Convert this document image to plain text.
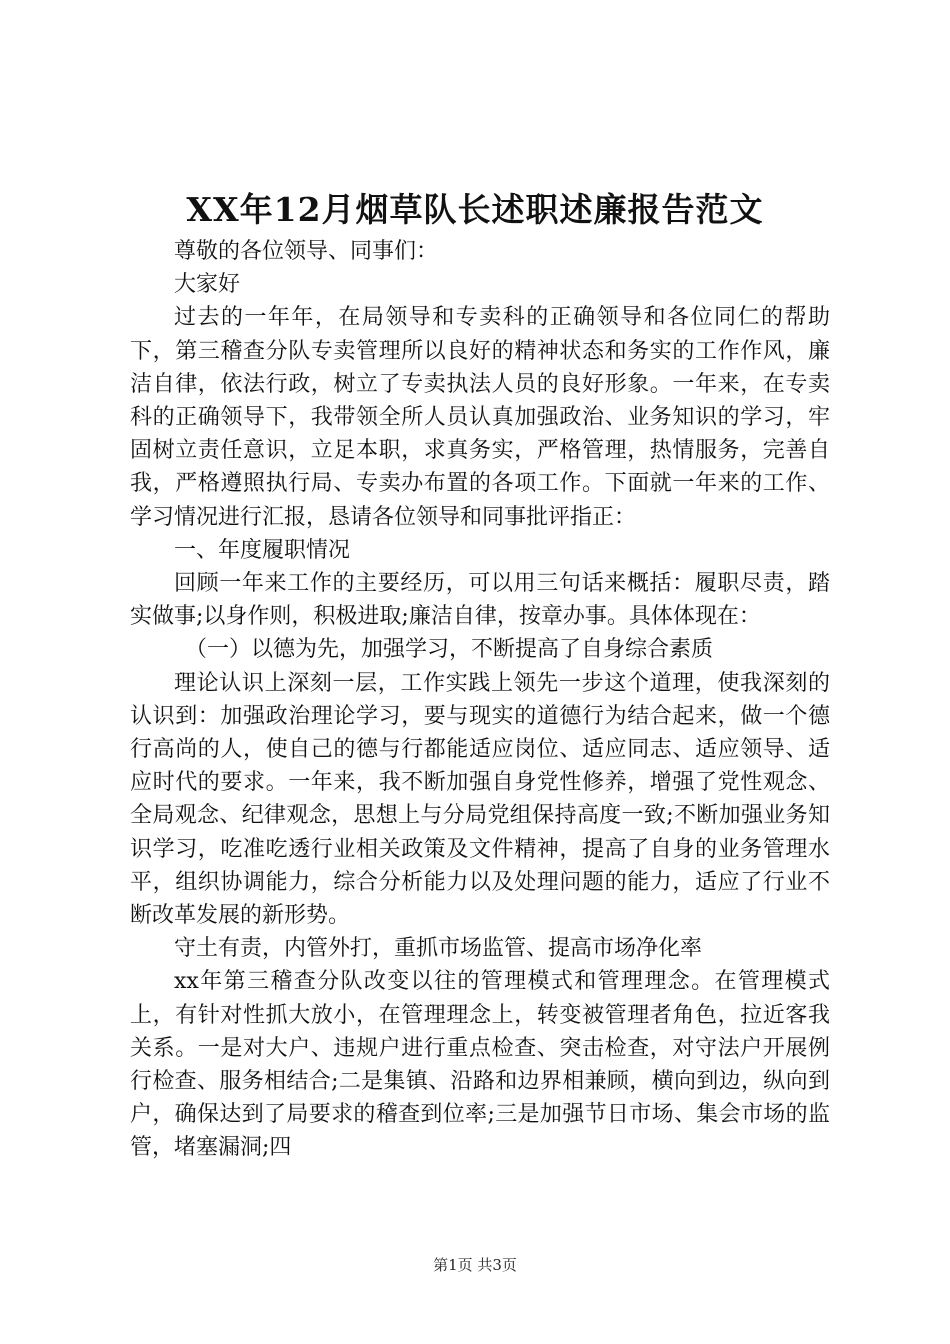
XX年12月烟草队长述职述廉报告范文

尊敬的各位领导、同事们：

大家好

过去的一年年，在局领导和专卖科的正确领导和各位同仁的帮助下，第三稽查分队专卖管理所以良好的精神状态和务实的工作作风，廉洁自律，依法行政，树立了专卖执法人员的良好形象。一年来，在专卖科的正确领导下，我带领全所人员认真加强政治、业务知识的学习，牢固树立责任意识，立足本职，求真务实，严格管理，热情服务，完善自我，严格遵照执行局、专卖办布置的各项工作。下面就一年来的工作、学习情况进行汇报，恳请各位领导和同事批评指正：

一、年度履职情况

回顾一年来工作的主要经历，可以用三句话来概括：履职尽责，踏实做事;以身作则，积极进取;廉洁自律，按章办事。具体体现在：

（一）以德为先，加强学习，不断提高了自身综合素质

理论认识上深刻一层，工作实践上领先一步这个道理，使我深刻的认识到：加强政治理论学习，要与现实的道德行为结合起来，做一个德行高尚的人，使自己的德与行都能适应岗位、适应同志、适应领导、适应时代的要求。一年来，我不断加强自身党性修养，增强了党性观念、全局观念、纪律观念，思想上与分局党组保持高度一致;不断加强业务知识学习，吃准吃透行业相关政策及文件精神，提高了自身的业务管理水平，组织协调能力，综合分析能力以及处理问题的能力，适应了行业不断改革发展的新形势。

守土有责，内管外打，重抓市场监管、提高市场净化率

xx年第三稽查分队改变以往的管理模式和管理理念。在管理模式上，有针对性抓大放小，在管理理念上，转变被管理者角色，拉近客我关系。一是对大户、违规户进行重点检查、突击检查，对守法户开展例行检查、服务相结合;二是集镇、沿路和边界相兼顾，横向到边，纵向到户，确保达到了局要求的稽查到位率;三是加强节日市场、集会市场的监管，堵塞漏洞;四

第1页 共3页
